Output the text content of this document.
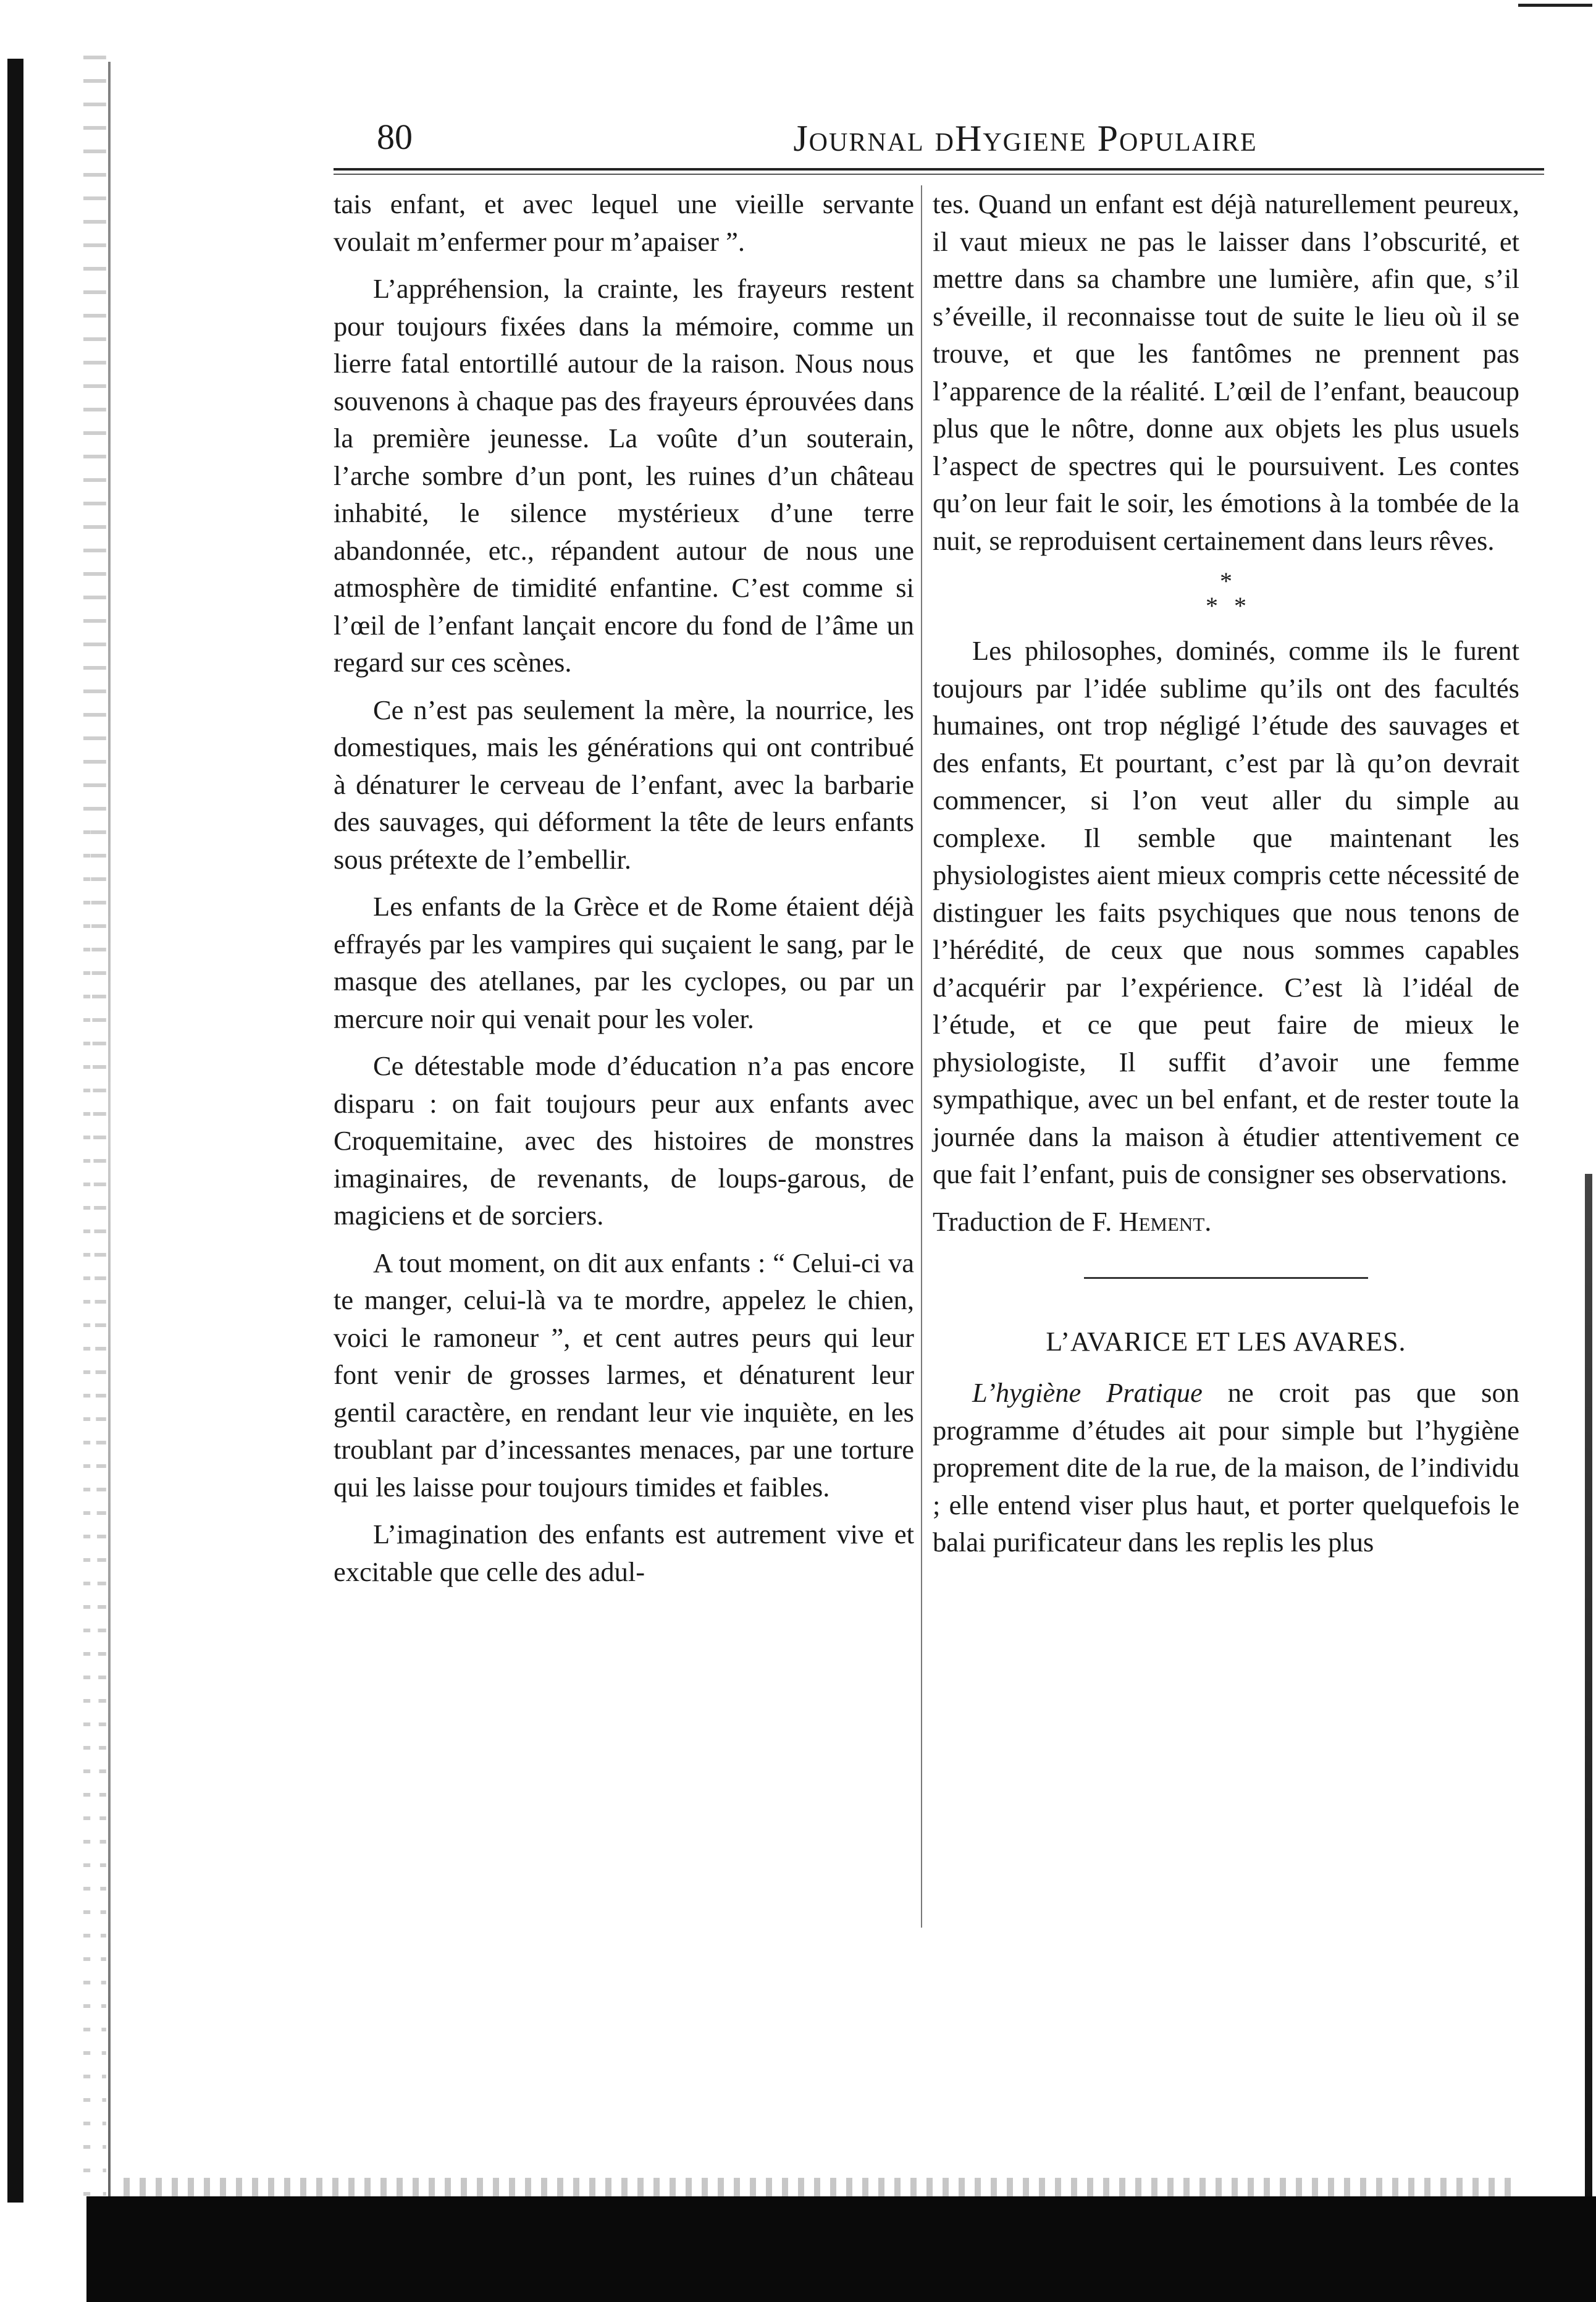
80	Journal dHygiene Populaire

tais enfant, et avec lequel une vieille servante voulait m’enfermer pour m’apaiser ”.

L’appréhension, la crainte, les frayeurs restent pour toujours fixées dans la mémoire, comme un lierre fatal entortillé autour de la raison. Nous nous souvenons à chaque pas des frayeurs éprouvées dans la première jeunesse. La voûte d’un souterain, l’arche sombre d’un pont, les ruines d’un château inhabité, le silence mystérieux d’une terre abandonnée, etc., répandent autour de nous une atmosphère de timidité enfantine. C’est comme si l’œil de l’enfant lançait encore du fond de l’âme un regard sur ces scènes.

Ce n’est pas seulement la mère, la nourrice, les domestiques, mais les générations qui ont contribué à dénaturer le cerveau de l’enfant, avec la barbarie des sauvages, qui déforment la tête de leurs enfants sous prétexte de l’embellir.

Les enfants de la Grèce et de Rome étaient déjà effrayés par les vampires qui suçaient le sang, par le masque des atellanes, par les cyclopes, ou par un mercure noir qui venait pour les voler.

Ce détestable mode d’éducation n’a pas encore disparu : on fait toujours peur aux enfants avec Croquemitaine, avec des histoires de monstres imaginaires, de revenants, de loups-garous, de magiciens et de sorciers.

A tout moment, on dit aux enfants : “ Celui-ci va te manger, celui-là va te mordre, appelez le chien, voici le ramoneur ”, et cent autres peurs qui leur font venir de grosses larmes, et dénaturent leur gentil caractère, en rendant leur vie inquiète, en les troublant par d’incessantes menaces, par une torture qui les laisse pour toujours timides et faibles.

L’imagination des enfants est autrement vive et excitable que celle des adul-

tes. Quand un enfant est déjà naturellement peureux, il vaut mieux ne pas le laisser dans l’obscurité, et mettre dans sa chambre une lumière, afin que, s’il s’éveille, il reconnaisse tout de suite le lieu où il se trouve, et que les fantômes ne prennent pas l’apparence de la réalité. L’œil de l’enfant, beaucoup plus que le nôtre, donne aux objets les plus usuels l’aspect de spectres qui le poursuivent. Les contes qu’on leur fait le soir, les émotions à la tombée de la nuit, se reproduisent certainement dans leurs rêves.

*
**

Les philosophes, dominés, comme ils le furent toujours par l’idée sublime qu’ils ont des facultés humaines, ont trop négligé l’étude des sauvages et des enfants, Et pourtant, c’est par là qu’on devrait commencer, si l’on veut aller du simple au complexe. Il semble que maintenant les physiologistes aient mieux compris cette nécessité de distinguer les faits psychiques que nous tenons de l’hérédité, de ceux que nous sommes capables d’acquérir par l’expérience. C’est là l’idéal de l’étude, et ce que peut faire de mieux le physiologiste, Il suffit d’avoir une femme sympathique, avec un bel enfant, et de rester toute la journée dans la maison à étudier attentivement ce que fait l’enfant, puis de consigner ses observations.

Traduction de F. Hement.

L’AVARICE ET LES AVARES.

L’hygiène Pratique ne croit pas que son programme d’études ait pour simple but l’hygiène proprement dite de la rue, de la maison, de l’individu ; elle entend viser plus haut, et porter quelquefois le balai purificateur dans les replis les plus
